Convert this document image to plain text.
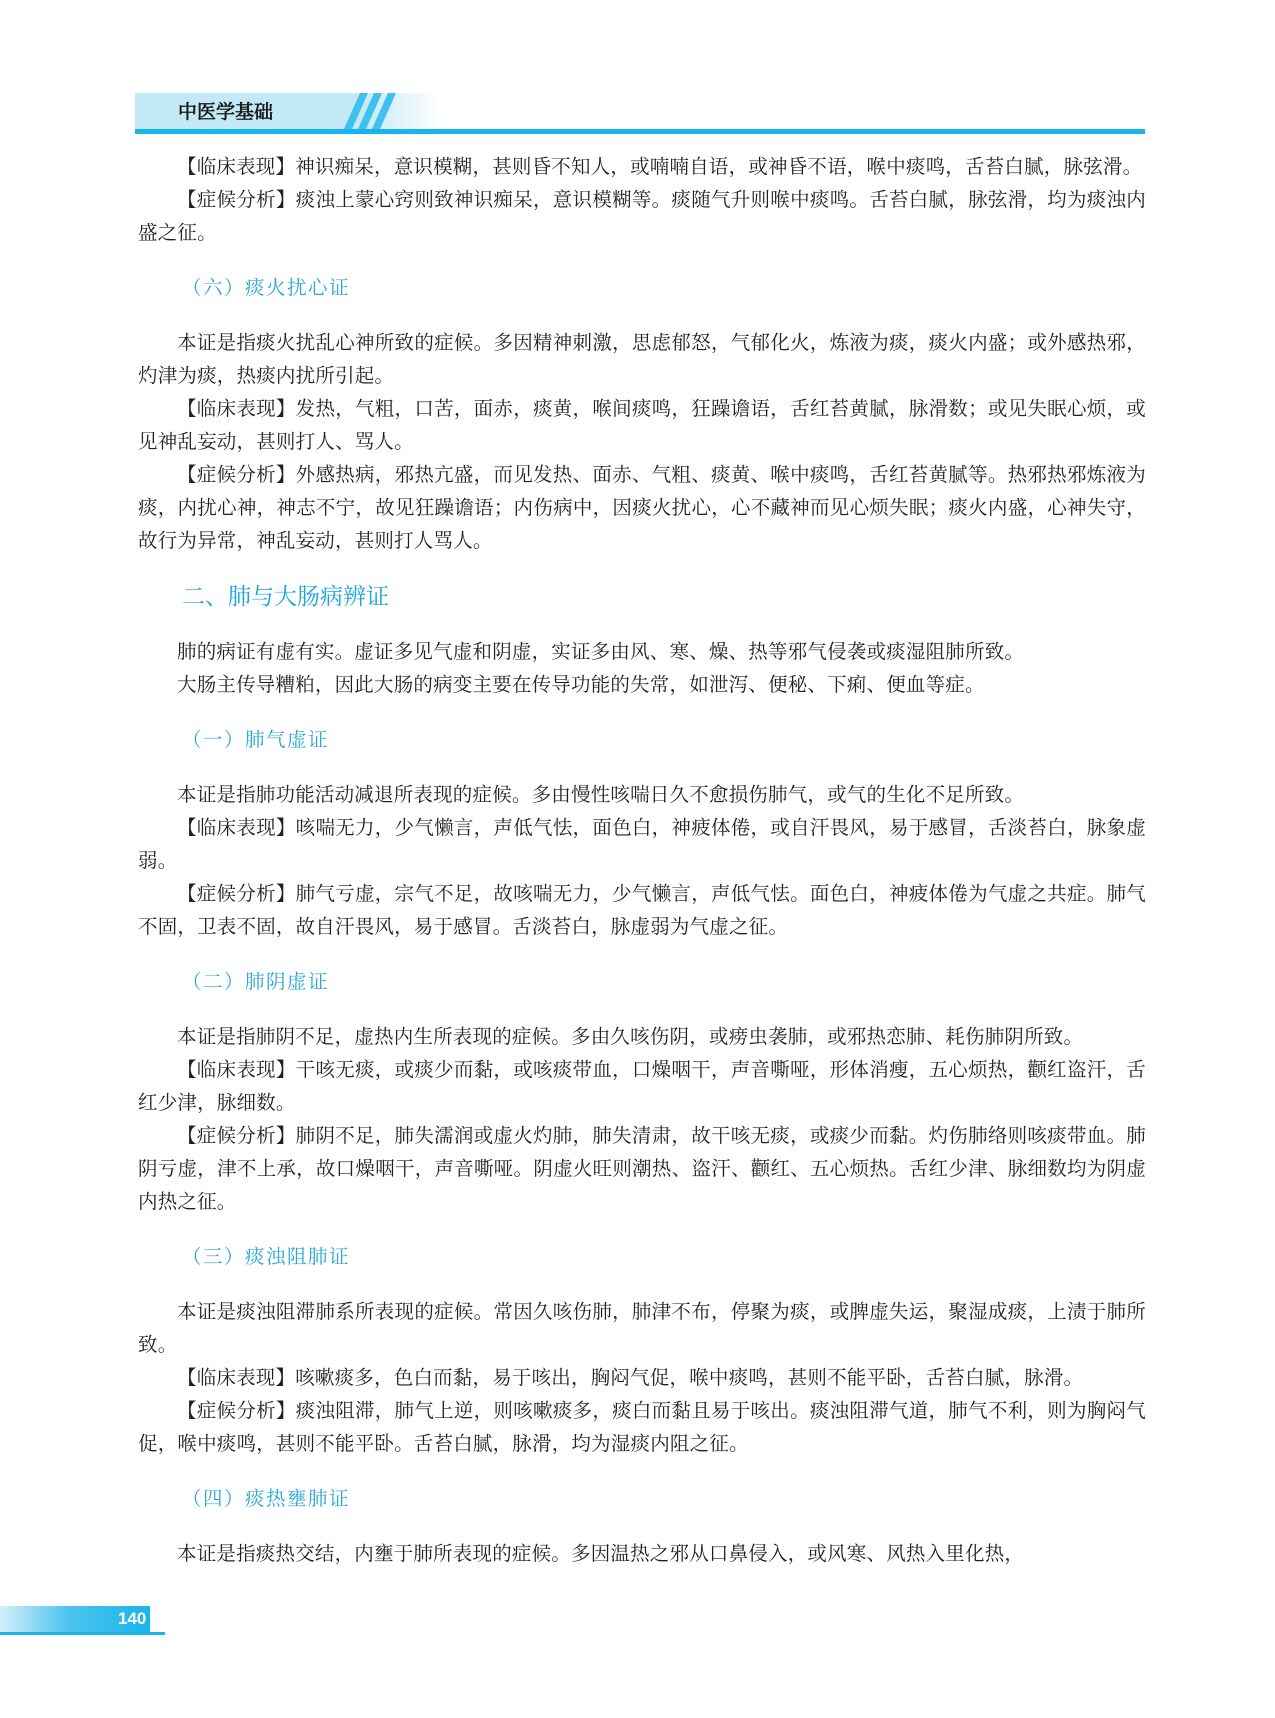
中医学基础

【临床表现】神识痴呆，意识模糊，甚则昏不知人，或喃喃自语，或神昏不语，喉中痰鸣，舌苔白腻，脉弦滑。

【症候分析】痰浊上蒙心窍则致神识痴呆，意识模糊等。痰随气升则喉中痰鸣。舌苔白腻，脉弦滑，均为痰浊内盛之征。

（六）痰火扰心证

本证是指痰火扰乱心神所致的症候。多因精神刺激，思虑郁怒，气郁化火，炼液为痰，痰火内盛；或外感热邪，灼津为痰，热痰内扰所引起。

【临床表现】发热，气粗，口苦，面赤，痰黄，喉间痰鸣，狂躁谵语，舌红苔黄腻，脉滑数；或见失眠心烦，或见神乱妄动，甚则打人、骂人。

【症候分析】外感热病，邪热亢盛，而见发热、面赤、气粗、痰黄、喉中痰鸣，舌红苔黄腻等。热邪热邪炼液为痰，内扰心神，神志不宁，故见狂躁谵语；内伤病中，因痰火扰心，心不藏神而见心烦失眠；痰火内盛，心神失守，故行为异常，神乱妄动，甚则打人骂人。

二、肺与大肠病辨证

肺的病证有虚有实。虚证多见气虚和阴虚，实证多由风、寒、燥、热等邪气侵袭或痰湿阻肺所致。

大肠主传导糟粕，因此大肠的病变主要在传导功能的失常，如泄泻、便秘、下痢、便血等症。

（一）肺气虚证

本证是指肺功能活动减退所表现的症候。多由慢性咳喘日久不愈损伤肺气，或气的生化不足所致。

【临床表现】咳喘无力，少气懒言，声低气怯，面色白，神疲体倦，或自汗畏风，易于感冒，舌淡苔白，脉象虚弱。

【症候分析】肺气亏虚，宗气不足，故咳喘无力，少气懒言，声低气怯。面色白，神疲体倦为气虚之共症。肺气不固，卫表不固，故自汗畏风，易于感冒。舌淡苔白，脉虚弱为气虚之征。

（二）肺阴虚证

本证是指肺阴不足，虚热内生所表现的症候。多由久咳伤阴，或痨虫袭肺，或邪热恋肺、耗伤肺阴所致。

【临床表现】干咳无痰，或痰少而黏，或咳痰带血，口燥咽干，声音嘶哑，形体消瘦，五心烦热，颧红盗汗，舌红少津，脉细数。

【症候分析】肺阴不足，肺失濡润或虚火灼肺，肺失清肃，故干咳无痰，或痰少而黏。灼伤肺络则咳痰带血。肺阴亏虚，津不上承，故口燥咽干，声音嘶哑。阴虚火旺则潮热、盗汗、颧红、五心烦热。舌红少津、脉细数均为阴虚内热之征。

（三）痰浊阻肺证

本证是痰浊阻滞肺系所表现的症候。常因久咳伤肺，肺津不布，停聚为痰，或脾虚失运，聚湿成痰，上渍于肺所致。

【临床表现】咳嗽痰多，色白而黏，易于咳出，胸闷气促，喉中痰鸣，甚则不能平卧，舌苔白腻，脉滑。

【症候分析】痰浊阻滞，肺气上逆，则咳嗽痰多，痰白而黏且易于咳出。痰浊阻滞气道，肺气不利，则为胸闷气促，喉中痰鸣，甚则不能平卧。舌苔白腻，脉滑，均为湿痰内阻之征。

（四）痰热壅肺证

本证是指痰热交结，内壅于肺所表现的症候。多因温热之邪从口鼻侵入，或风寒、风热入里化热，

140
